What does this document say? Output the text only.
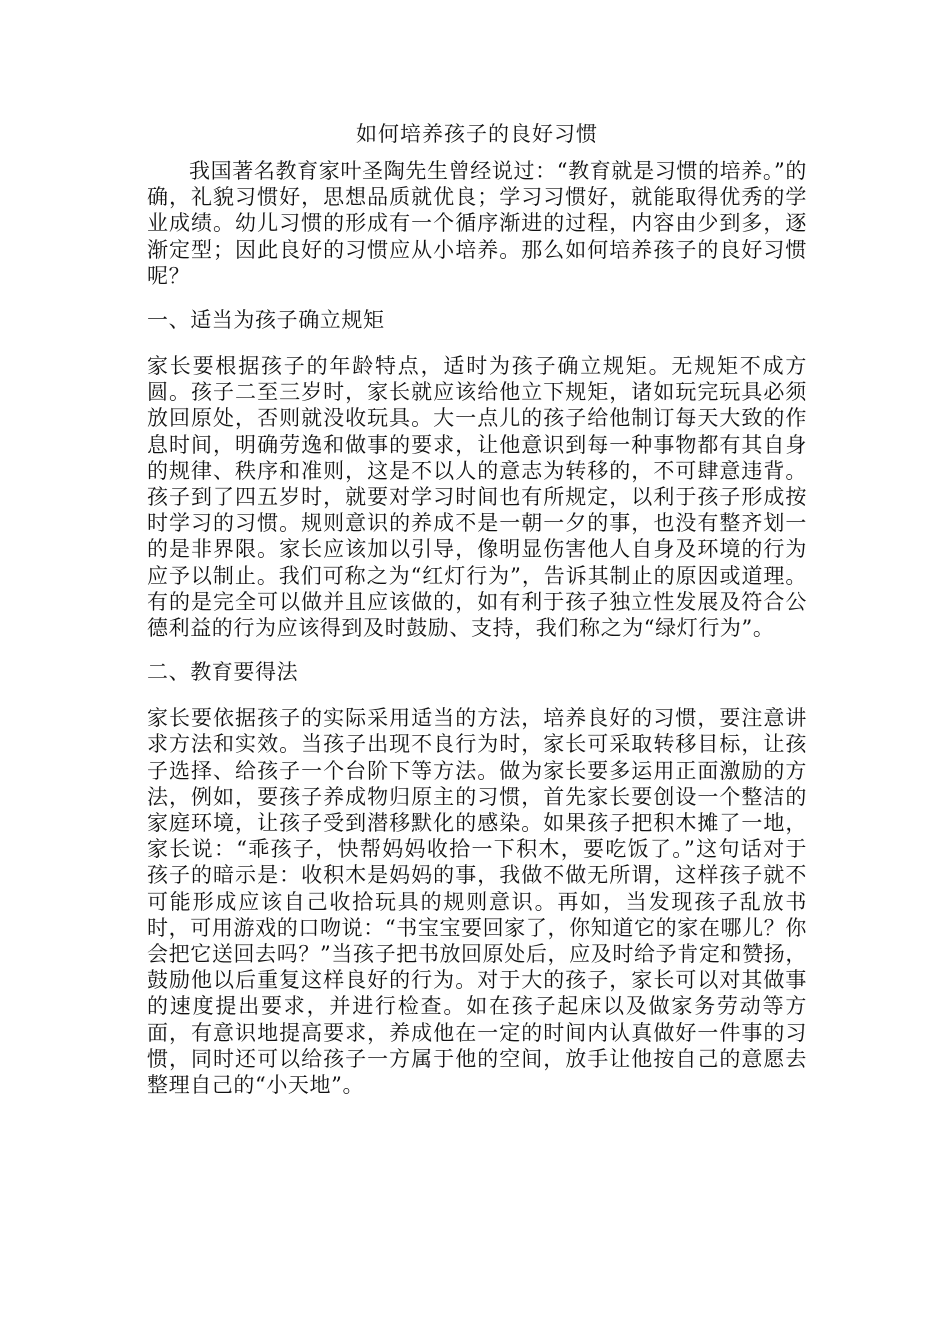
如何培养孩子的良好习惯

我国著名教育家叶圣陶先生曾经说过：“教育就是习惯的培养。”的确，礼貌习惯好，思想品质就优良；学习习惯好，就能取得优秀的学业成绩。幼儿习惯的形成有一个循序渐进的过程，内容由少到多，逐渐定型；因此良好的习惯应从小培养。那么如何培养孩子的良好习惯呢？

一、适当为孩子确立规矩

家长要根据孩子的年龄特点，适时为孩子确立规矩。无规矩不成方圆。孩子二至三岁时，家长就应该给他立下规矩，诸如玩完玩具必须放回原处，否则就没收玩具。大一点儿的孩子给他制订每天大致的作息时间，明确劳逸和做事的要求，让他意识到每一种事物都有其自身的规律、秩序和准则，这是不以人的意志为转移的，不可肆意违背。孩子到了四五岁时，就要对学习时间也有所规定，以利于孩子形成按时学习的习惯。规则意识的养成不是一朝一夕的事，也没有整齐划一的是非界限。家长应该加以引导，像明显伤害他人自身及环境的行为应予以制止。我们可称之为“红灯行为”，告诉其制止的原因或道理。有的是完全可以做并且应该做的，如有利于孩子独立性发展及符合公德利益的行为应该得到及时鼓励、支持，我们称之为“绿灯行为”。

二、教育要得法

家长要依据孩子的实际采用适当的方法，培养良好的习惯，要注意讲求方法和实效。当孩子出现不良行为时，家长可采取转移目标，让孩子选择、给孩子一个台阶下等方法。做为家长要多运用正面激励的方法，例如，要孩子养成物归原主的习惯，首先家长要创设一个整洁的家庭环境，让孩子受到潜移默化的感染。如果孩子把积木摊了一地，家长说：“乖孩子，快帮妈妈收拾一下积木，要吃饭了。”这句话对于孩子的暗示是：收积木是妈妈的事，我做不做无所谓，这样孩子就不可能形成应该自己收拾玩具的规则意识。再如，当发现孩子乱放书时，可用游戏的口吻说：“书宝宝要回家了，你知道它的家在哪儿？你会把它送回去吗？”当孩子把书放回原处后，应及时给予肯定和赞扬，鼓励他以后重复这样良好的行为。对于大的孩子，家长可以对其做事的速度提出要求，并进行检查。如在孩子起床以及做家务劳动等方面，有意识地提高要求，养成他在一定的时间内认真做好一件事的习惯，同时还可以给孩子一方属于他的空间，放手让他按自己的意愿去整理自己的“小天地”。
